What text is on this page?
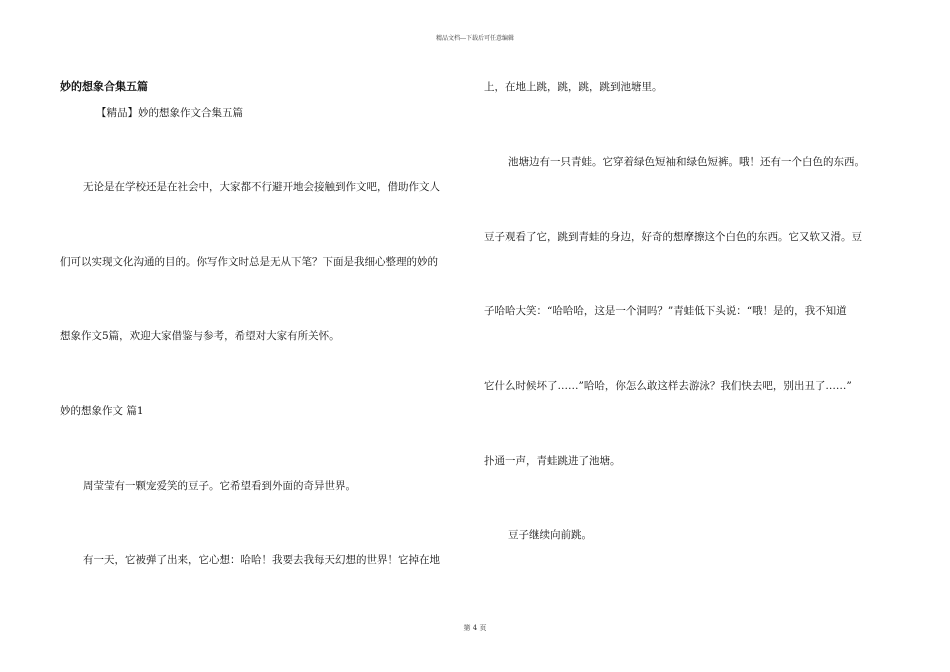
精品文档---下载后可任意编辑
妙的想象合集五篇
【精品】妙的想象作文合集五篇
无论是在学校还是在社会中，大家都不行避开地会接触到作文吧，借助作文人
们可以实现文化沟通的目的。你写作文时总是无从下笔？下面是我细心整理的妙的
想象作文5篇，欢迎大家借鉴与参考，希望对大家有所关怀。
妙的想象作文 篇1
周莹莹有一颗宠爱笑的豆子。它希望看到外面的奇异世界。
有一天，它被弹了出来，它心想：哈哈！我要去我每天幻想的世界！它掉在地
上，在地上跳，跳，跳，跳到池塘里。
池塘边有一只青蛙。它穿着绿色短袖和绿色短裤。哦！还有一个白色的东西。
豆子观看了它，跳到青蛙的身边，好奇的想摩擦这个白色的东西。它又软又滑。豆
子哈哈大笑：“哈哈哈，这是一个洞吗？”青蛙低下头说：“哦！是的，我不知道
它什么时候坏了……”哈哈，你怎么敢这样去游泳？我们快去吧，别出丑了……”
扑通一声，青蛙跳进了池塘。
豆子继续向前跳。
第 4 页
